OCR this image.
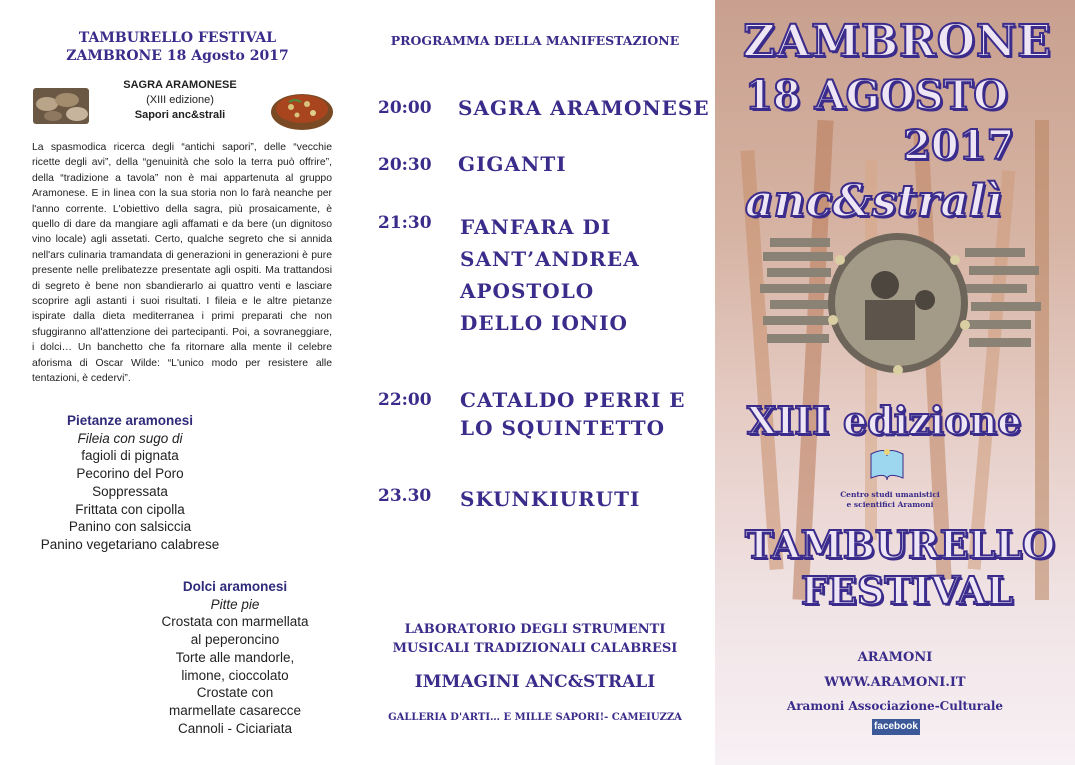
TAMBURELLO FESTIVAL
ZAMBRONE 18 Agosto 2017
SAGRA ARAMONESE
(XIII edizione)
Sapori anc&strali

La spasmodica ricerca degli “antichi sapori”, delle “vecchie ricette degli avi”, della “genuinità che solo la terra può offrire”, della “tradizione a tavola” non è mai appartenuta al gruppo Aramonese. E in linea con la sua storia non lo farà neanche per l'anno corrente. L'obiettivo della sagra, più prosaicamente, è quello di dare da mangiare agli affamati e da bere (un dignitoso vino locale) agli assetati. Certo, qualche segreto che si annida nell'ars culinaria tramandata di generazioni in generazioni è pure presente nelle prelibatezze presentate agli ospiti. Ma trattandosi di segreto è bene non sbandierarlo ai quattro venti e lasciare scoprire agli astanti i suoi risultati. I fileia e le altre pietanze ispirate dalla dieta mediterranea i primi preparati che non sfuggiranno all'attenzione dei partecipanti. Poi, a sovraneggiare, i dolci… Un banchetto che fa ritornare alla mente il celebre aforisma di Oscar Wilde: “L'unico modo per resistere alle tentazioni, è cedervi”.

Pietanze aramonesi
Fileia con sugo di
fagioli di pignata
Pecorino del Poro
Soppressata
Frittata con cipolla
Panino con salsiccia
Panino vegetariano calabrese
Dolci aramonesi
Pitte pie
Crostata con marmellata
al peperoncino
Torte alle mandorle,
limone, cioccolato
Crostate con
marmellate casarecce
Cannoli - Ciciariata
PROGRAMMA DELLA MANIFESTAZIONE
20:00 SAGRA ARAMONESE
20:30 GIGANTI
21:30 FANFARA DI
SANT’ANDREA
APOSTOLO
DELLO IONIO
22:00 CATALDO PERRI E
LO SQUINTETTO
23.30 SKUNKIURUTI
LABORATORIO DEGLI STRUMENTI
MUSICALI TRADIZIONALI CALABRESI
IMMAGINI ANC&STRALI
GALLERIA D'ARTI… E MILLE SAPORI!- CAMEIUZZA
ZAMBRONE
18 AGOSTO
2017
anc&stralì
XIII edizione
Centro studi umanistici
e scientifici Aramoni
TAMBURELLO
FESTIVAL
ARAMONI
WWW.ARAMONI.IT
Aramoni Associazione-Culturale
facebook
